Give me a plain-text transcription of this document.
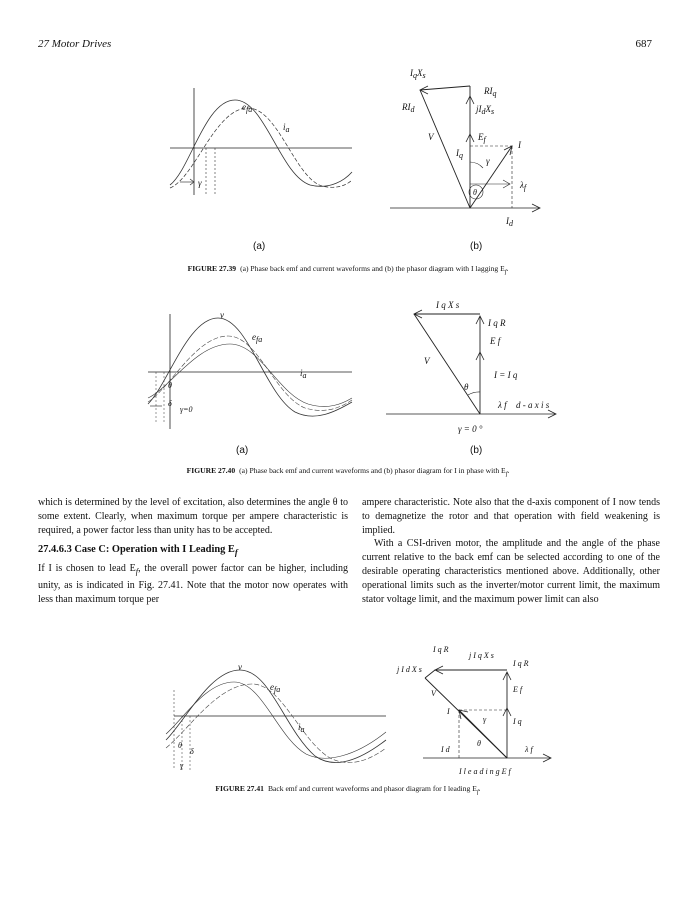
27 Motor Drives	687
efa
ia
γ
IqXs
RIq
RId	jIdXs
V	Ef
I
Iq
γ
θ
λf
Id
(a)	(b)
FIGURE 27.39 (a) Phase back emf and current waveforms and (b) the phasor diagram with I lagging $E_f$.
v
efa
ia
θ
δ
γ=0
I q X s
I q R
E f
V
I = I q
θ
λ f d - a x i s
γ = 0 °
(a)	(b)
FIGURE 27.40 (a) Phase back emf and current waveforms and (b) phasor diagram for I in phase with $E_f$.

which is determined by the level of excitation, also determines the angle θ to some extent. Clearly, when maximum torque per ampere characteristic is required, a power factor less than unity has to be accepted.

27.4.6.3 Case C: Operation with I Leading $E_f$

If I is chosen to lead $E_f$, the overall power factor can be higher, including unity, as is indicated in Fig. 27.41. Note that the motor now operates with less than maximum torque per

ampere characteristic. Note also that the d-axis component of I now tends to demagnetize the rotor and that operation with field weakening is implied.

With a CSI-driven motor, the amplitude and the angle of the phase current relative to the back emf can be selected according to one of the desirable operating characteristics mentioned above. Additionally, other operational limits such as the inverter/motor current limit, the maximum stator voltage limit, and the maximum power limit can also

v
efa
ia
θ
δ
γ
I q R
j I q X s
I q R
j I d X s
E f
V
I
γ	I q
I d
θ
λ f
I l e a d i n g E f
FIGURE 27.41 Back emf and current waveforms and phasor diagram for I leading $E_f$.
